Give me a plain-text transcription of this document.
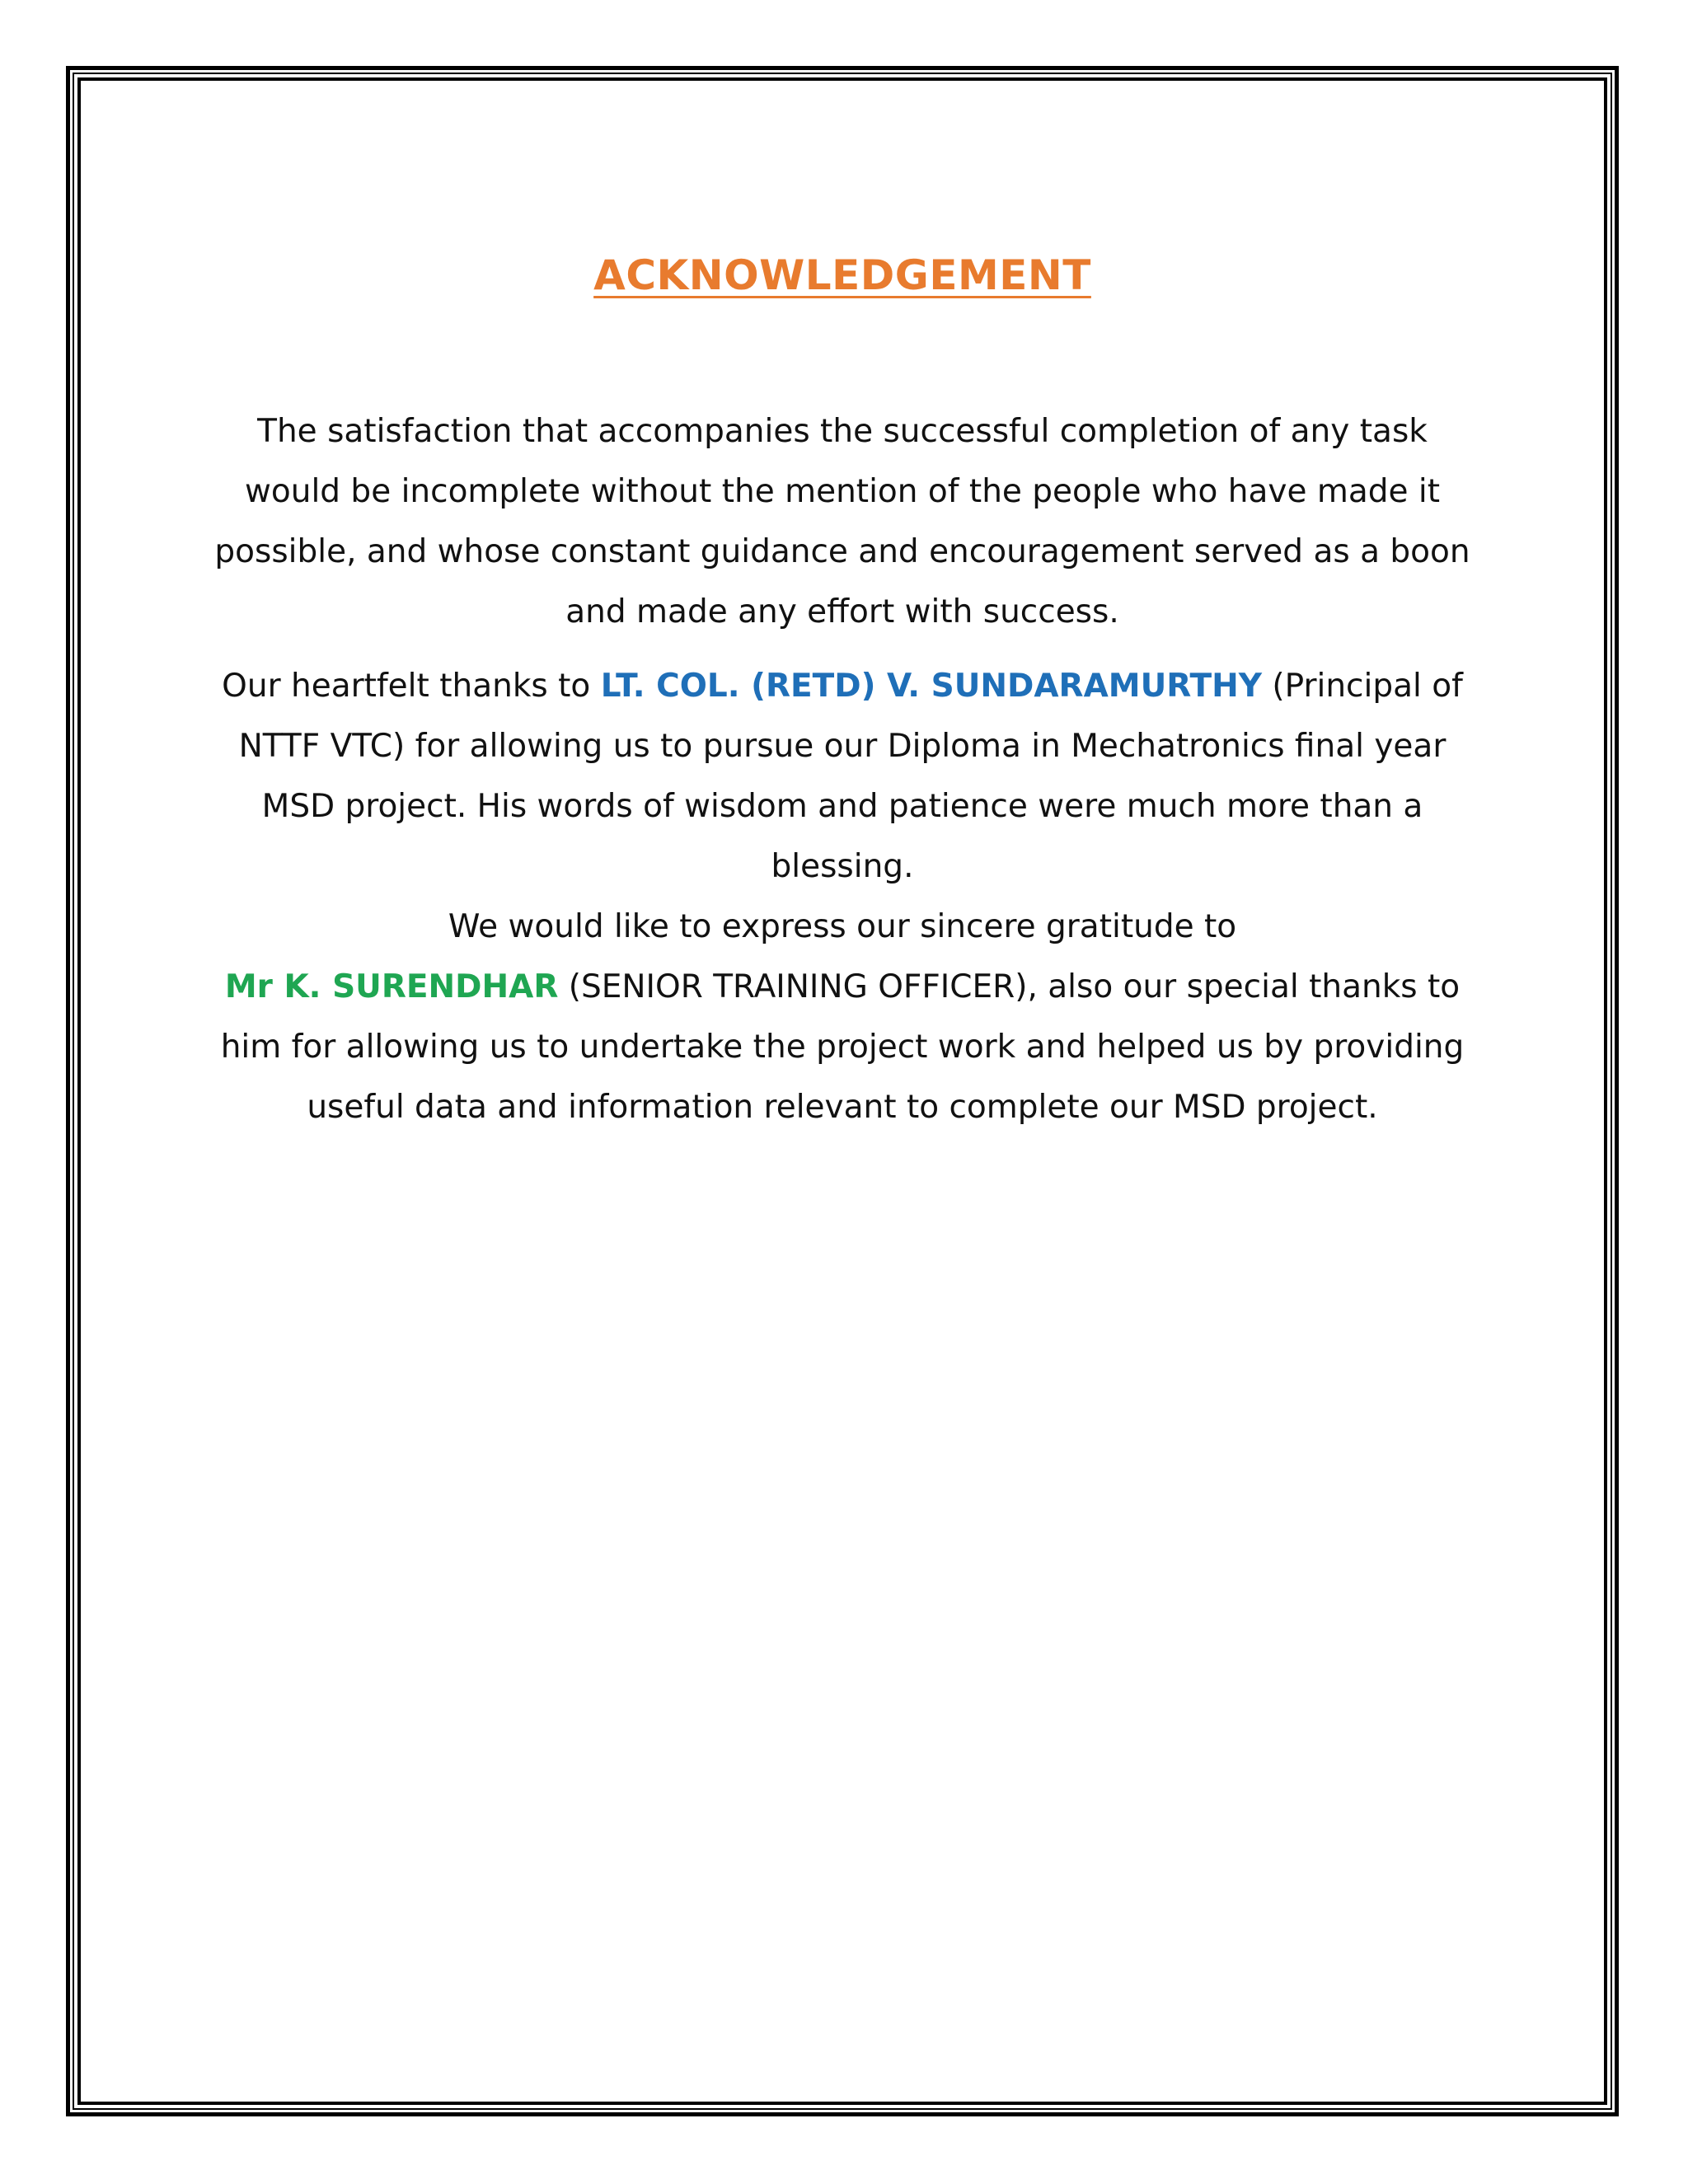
ACKNOWLEDGEMENT

The satisfaction that accompanies the successful completion of any task would be incomplete without the mention of the people who have made it possible, and whose constant guidance and encouragement served as a boon and made any effort with success.

Our heartfelt thanks to LT. COL. (RETD) V. SUNDARAMURTHY (Principal of NTTF VTC) for allowing us to pursue our Diploma in Mechatronics final year MSD project. His words of wisdom and patience were much more than a blessing.

We would like to express our sincere gratitude to
Mr K. SURENDHAR (SENIOR TRAINING OFFICER), also our special thanks to him for allowing us to undertake the project work and helped us by providing useful data and information relevant to complete our MSD project.
